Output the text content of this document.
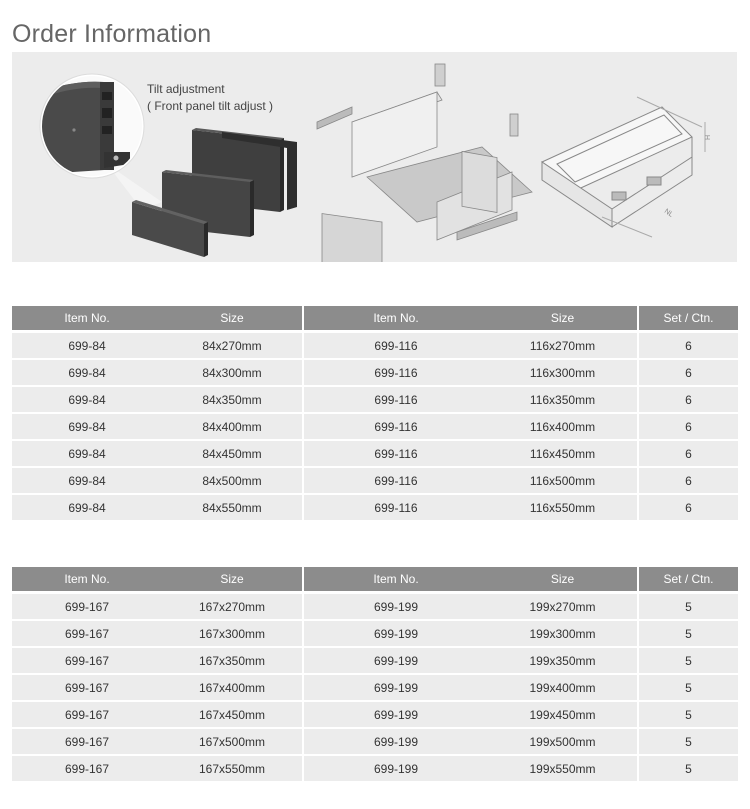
Order Information
NL
H
Tilt adjustment
( Front panel tilt adjust )
Item No.	Size	Item No.	Size	Set / Ctn.
699-84	84x270mm	699-116	116x270mm	6
699-84	84x300mm	699-116	116x300mm	6
699-84	84x350mm	699-116	116x350mm	6
699-84	84x400mm	699-116	116x400mm	6
699-84	84x450mm	699-116	116x450mm	6
699-84	84x500mm	699-116	116x500mm	6
699-84	84x550mm	699-116	116x550mm	6
Item No.	Size	Item No.	Size	Set / Ctn.
699-167	167x270mm	699-199	199x270mm	5
699-167	167x300mm	699-199	199x300mm	5
699-167	167x350mm	699-199	199x350mm	5
699-167	167x400mm	699-199	199x400mm	5
699-167	167x450mm	699-199	199x450mm	5
699-167	167x500mm	699-199	199x500mm	5
699-167	167x550mm	699-199	199x550mm	5
